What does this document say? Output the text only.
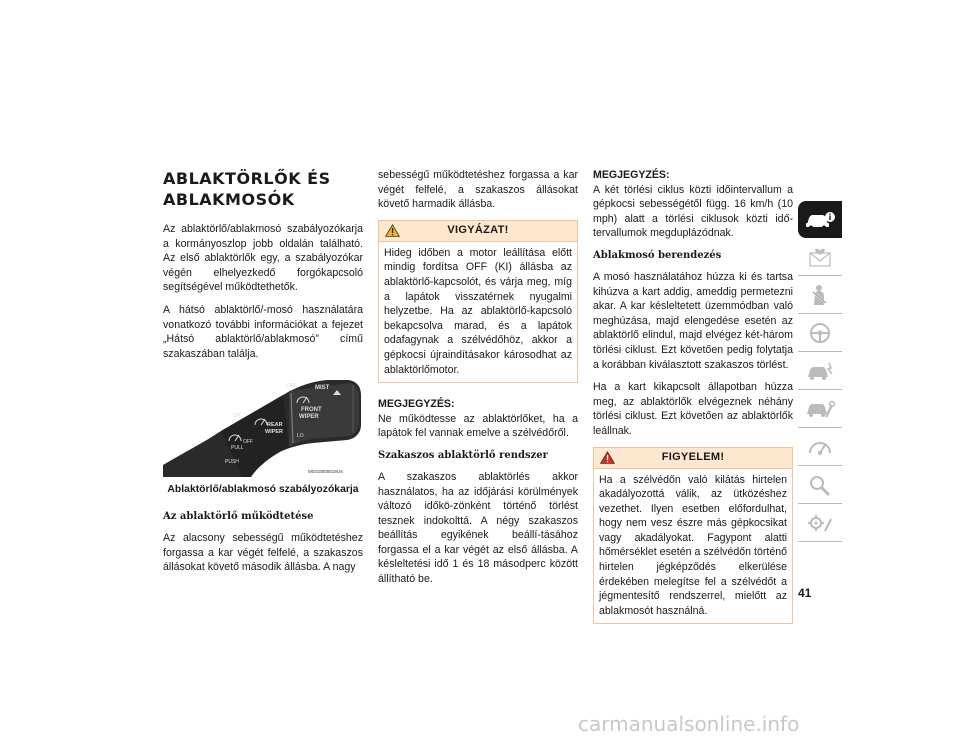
ABLAKTÖRLŐK ÉS
ABLAKMOSÓK

Az ablaktörlő/ablakmosó szabályozókarja a kormányoszlop jobb oldalán található. Az első ablaktörlők egy, a szabályozókar végén elhelyezkedő forgókapcsoló segítségével működtethetők.

A hátsó ablaktörlő/-mosó használatára vonatkozó további információkat a fejezet „Hátsó ablaktörlő/ablakmosó” című szakaszában találja.

PULL
OFF
REAR
WIPER
PUSH
ON
OFF	MIST
FRONT
WIPER
LO
M0318000019US
Ablaktörlő/ablakmosó szabályozókarja
Az ablaktörlő működtetése

Az alacsony sebességű működtetéshez forgassa a kar végét felfelé, a szakaszos állásokat követő második állásba. A nagy

sebességű működtetéshez forgassa a kar végét felfelé, a szakaszos állásokat követő harmadik állásba.

VIGYÁZAT!
Hideg időben a motor leállítása előtt mindig fordítsa OFF (KI) állásba az ablaktörlő-kapcsolót, és várja meg, míg a lapátok visszatérnek nyugalmi helyzetbe. Ha az ablaktörlő-kapcsoló bekapcsolva marad, és a lapátok odafagynak a szélvédőhöz, akkor a gépkocsi újraindításakor károsodhat az ablaktörlőmotor.

MEGJEGYZÉS:
Ne működtesse az ablaktörlőket, ha a lapátok fel vannak emelve a szélvédőről.

Szakaszos ablaktörlő rendszer

A szakaszos ablaktörlés akkor használatos, ha az időjárási körülmények változó időkö-zönként történő törlést tesznek indokolttá. A négy szakaszos beállítás egyikének beállí-tásához forgassa el a kar végét az első állásba. A késleltetési idő 1 és 18 másodperc között állítható be.

MEGJEGYZÉS:
A két törlési ciklus közti időintervallum a gépkocsi sebességétől függ. 16 km/h (10 mph) alatt a törlési ciklusok közti idő-tervallumok megduplázódnak.

Ablakmosó berendezés

A mosó használatához húzza ki és tartsa kihúzva a kart addig, ameddig permetezni akar. A kar késleltetett üzemmódban való meghúzása, majd elengedése esetén az ablaktörlő elindul, majd elvégez két-három törlési ciklust. Ezt követően pedig folytatja a korábban kiválasztott szakaszos törlést.

Ha a kart kikapcsolt állapotban húzza meg, az ablaktörlők elvégeznek néhány törlési ciklust. Ezt követően az ablaktörlők leállnak.

FIGYELEM!
Ha a szélvédőn való kilátás hirtelen akadályozottá válik, az ütközéshez vezethet. Ilyen esetben előfordulhat, hogy nem vesz észre más gépkocsikat vagy akadályokat. Fagypont alatti hőmérséklet esetén a szélvédőn történő hirtelen jégképződés elkerülése érdekében melegítse fel a szélvédőt a jégmentesítő rendszerrel, mielőtt az ablakmosót használná.
41
carmanualsonline.info
